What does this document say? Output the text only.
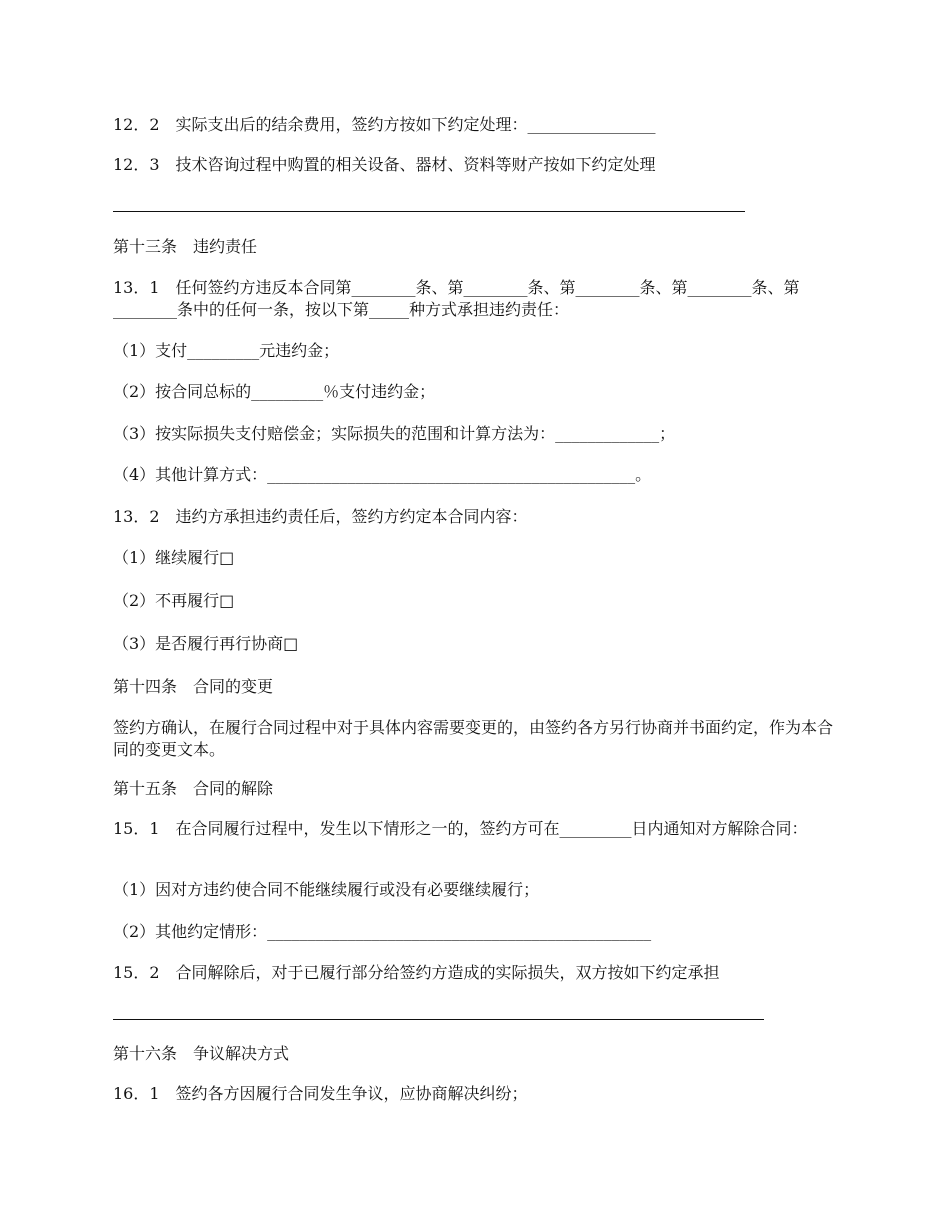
12．2　实际支出后的结余费用，签约方按如下约定处理：________________

12．3　技术咨询过程中购置的相关设备、器材、资料等财产按如下约定处理

第十三条　违约责任

13．1　任何签约方违反本合同第________条、第________条、第________条、第________条、第________条中的任何一条，按以下第_____种方式承担违约责任：

（1）支付_________元违约金；

（2）按合同总标的_________％支付违约金；

（3）按实际损失支付赔偿金；实际损失的范围和计算方法为：_____________；

（4）其他计算方式：______________________________________________。

13．2　违约方承担违约责任后，签约方约定本合同内容：

（1）继续履行□

（2）不再履行□

（3）是否履行再行协商□

第十四条　合同的变更

签约方确认，在履行合同过程中对于具体内容需要变更的，由签约各方另行协商并书面约定，作为本合同的变更文本。

第十五条　合同的解除

15．1　在合同履行过程中，发生以下情形之一的，签约方可在_________日内通知对方解除合同：

（1）因对方违约使合同不能继续履行或没有必要继续履行；

（2）其他约定情形：________________________________________________

15．2　合同解除后，对于已履行部分给签约方造成的实际损失，双方按如下约定承担

第十六条　争议解决方式

16．1　签约各方因履行合同发生争议，应协商解决纠纷；
